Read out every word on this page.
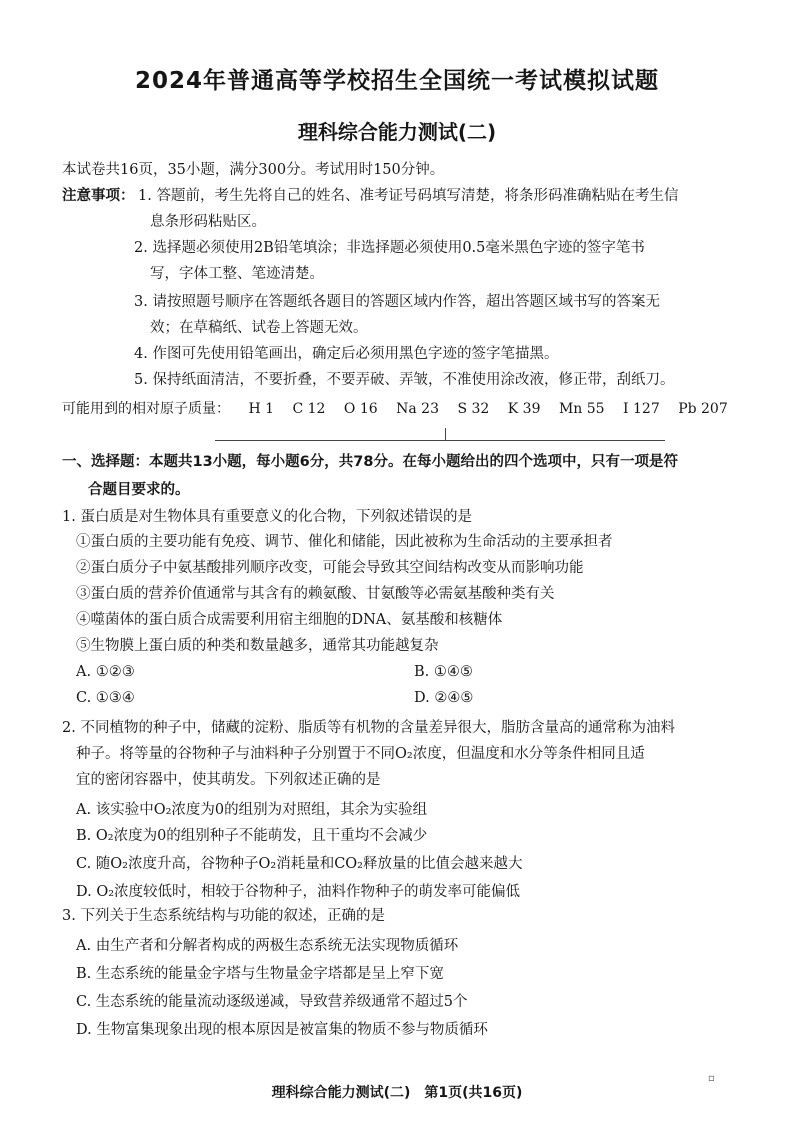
2024年普通高等学校招生全国统一考试模拟试题
理科综合能力测试(二)
本试卷共16页，35小题，满分300分。考试用时150分钟。
注意事项： 1. 答题前，考生先将自己的姓名、准考证号码填写清楚，将条形码准确粘贴在考生信
息条形码粘贴区。
2. 选择题必须使用2B铅笔填涂；非选择题必须使用0.5毫米黑色字迹的签字笔书
写，字体工整、笔迹清楚。
3. 请按照题号顺序在答题纸各题目的答题区域内作答，超出答题区域书写的答案无
效；在草稿纸、试卷上答题无效。
4. 作图可先使用铅笔画出，确定后必须用黑色字迹的签字笔描黑。
5. 保持纸面清洁，不要折叠，不要弄破、弄皱，不准使用涂改液，修正带，刮纸刀。
可能用到的相对原子质量： H 1 C 12 O 16 Na 23 S 32 K 39 Mn 55 I 127 Pb 207
一、选择题：本题共13小题，每小题6分，共78分。在每小题给出的四个选项中，只有一项是符
合题目要求的。
1. 蛋白质是对生物体具有重要意义的化合物，下列叙述错误的是
①蛋白质的主要功能有免疫、调节、催化和储能，因此被称为生命活动的主要承担者
②蛋白质分子中氨基酸排列顺序改变，可能会导致其空间结构改变从而影响功能
③蛋白质的营养价值通常与其含有的赖氨酸、甘氨酸等必需氨基酸种类有关
④噬菌体的蛋白质合成需要利用宿主细胞的DNA、氨基酸和核糖体
⑤生物膜上蛋白质的种类和数量越多，通常其功能越复杂
A. ①②③	B. ①④⑤
C. ①③④	D. ②④⑤
2. 不同植物的种子中，储藏的淀粉、脂质等有机物的含量差异很大，脂肪含量高的通常称为油料
种子。将等量的谷物种子与油料种子分别置于不同O₂浓度，但温度和水分等条件相同且适
宜的密闭容器中，使其萌发。下列叙述正确的是
A. 该实验中O₂浓度为0的组别为对照组，其余为实验组
B. O₂浓度为0的组别种子不能萌发，且干重均不会减少
C. 随O₂浓度升高，谷物种子O₂消耗量和CO₂释放量的比值会越来越大
D. O₂浓度较低时，相较于谷物种子，油料作物种子的萌发率可能偏低
3. 下列关于生态系统结构与功能的叙述，正确的是
A. 由生产者和分解者构成的两极生态系统无法实现物质循环
B. 生态系统的能量金字塔与生物量金字塔都是呈上窄下宽
C. 生态系统的能量流动逐级递减，导致营养级通常不超过5个
D. 生物富集现象出现的根本原因是被富集的物质不参与物质循环
理科综合能力测试(二)　第1页(共16页)
▫
